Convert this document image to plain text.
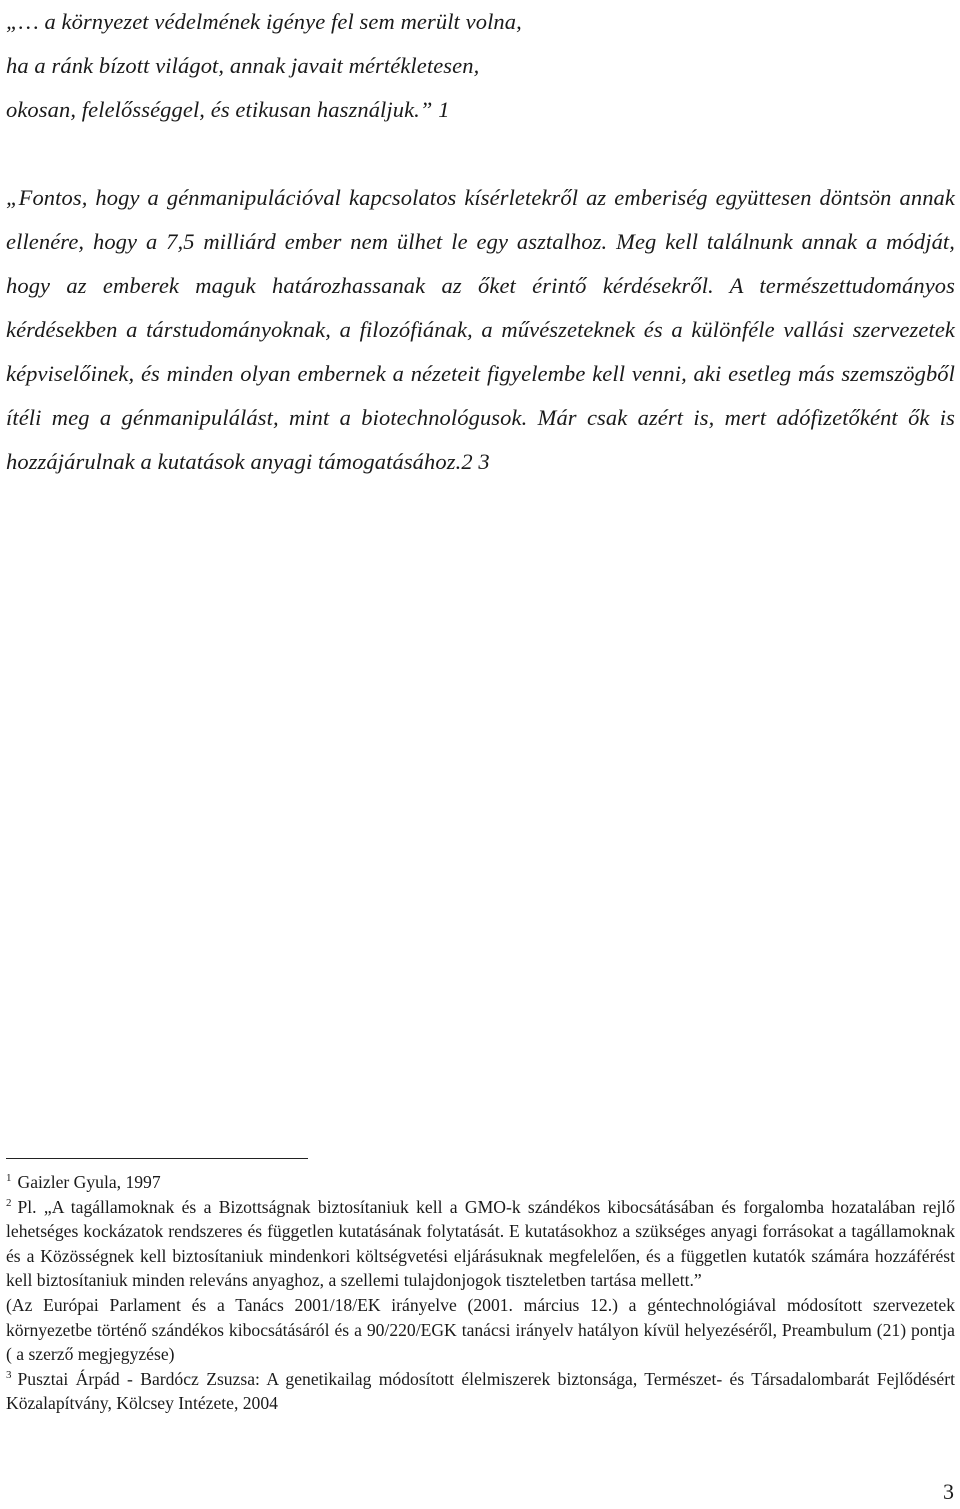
„… a környezet védelmének igénye fel sem merült volna,
ha a ránk bízott világot, annak javait mértékletesen,
okosan, felelősséggel, és etikusan használjuk.” 1

„Fontos, hogy a génmanipulációval kapcsolatos kísérletekről az emberiség együttesen döntsön annak ellenére, hogy a 7,5 milliárd ember nem ülhet le egy asztalhoz. Meg kell találnunk annak a módját, hogy az emberek maguk határozhassanak az őket érintő kérdésekről. A természettudományos kérdésekben a társtudományoknak, a filozófiának, a művészeteknek és a különféle vallási szervezetek képviselőinek, és minden olyan embernek a nézeteit figyelembe kell venni, aki esetleg más szemszögből ítéli meg a génmanipulálást, mint a biotechnológusok. Már csak azért is, mert adófizetőként ők is hozzájárulnak a kutatások anyagi támogatásához.2 3

$^1$ Gaizler Gyula, 1997

$^2$ Pl. „A tagállamoknak és a Bizottságnak biztosítaniuk kell a GMO-k szándékos kibocsátásában és forgalomba hozatalában rejlő lehetséges kockázatok rendszeres és független kutatásának folytatását. E kutatásokhoz a szükséges anyagi forrásokat a tagállamoknak és a Közösségnek kell biztosítaniuk mindenkori költségvetési eljárásuknak megfelelően, és a független kutatók számára hozzáférést kell biztosítaniuk minden releváns anyaghoz, a szellemi tulajdonjogok tiszteletben tartása mellett.”

(Az Európai Parlament és a Tanács 2001/18/EK irányelve (2001. március 12.) a géntechnológiával módosított szervezetek környezetbe történő szándékos kibocsátásáról és a 90/220/EGK tanácsi irányelv hatályon kívül helyezéséről, Preambulum (21) pontja ( a szerző megjegyzése)

$^3$ Pusztai Árpád - Bardócz Zsuzsa: A genetikailag módosított élelmiszerek biztonsága, Természet- és Társadalombarát Fejlődésért Közalapítvány, Kölcsey Intézete, 2004

3
